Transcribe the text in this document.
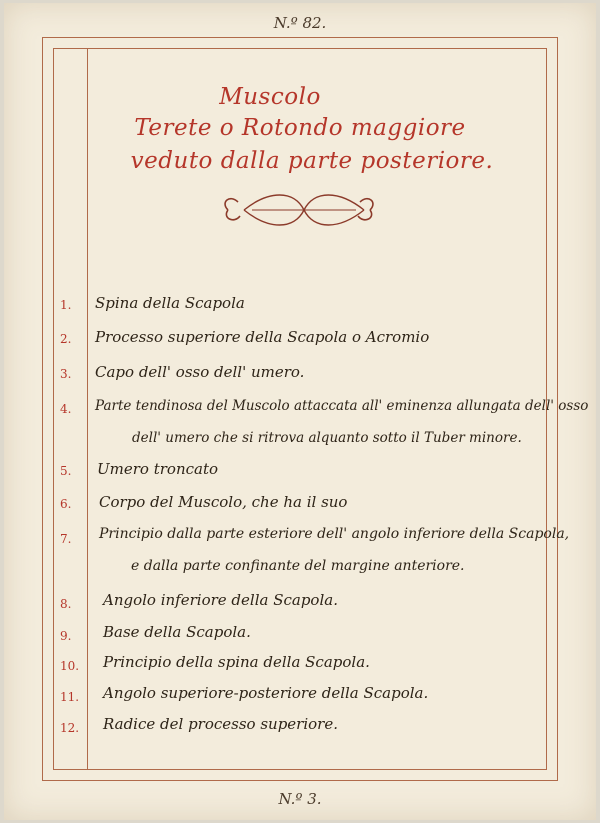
N.º 82.
Muscolo
Terete o Rotondo maggiore
veduto dalla parte posteriore.
1.	Spina della Scapola
2.	Processo superiore della Scapola o Acromio
3.	Capo dell' osso dell' umero.
4.	Parte tendinosa del Muscolo attaccata all' eminenza allungata dell' osso
dell' umero che si ritrova alquanto sotto il Tuber minore.
5.	Umero troncato
6.	Corpo del Muscolo, che ha il suo
7.	Principio dalla parte esteriore dell' angolo inferiore della Scapola,
e dalla parte confinante del margine anteriore.
8.	Angolo inferiore della Scapola.
9.	Base della Scapola.
10.	Principio della spina della Scapola.
11.	Angolo superiore-posteriore della Scapola.
12.	Radice del processo superiore.
N.º 3.
